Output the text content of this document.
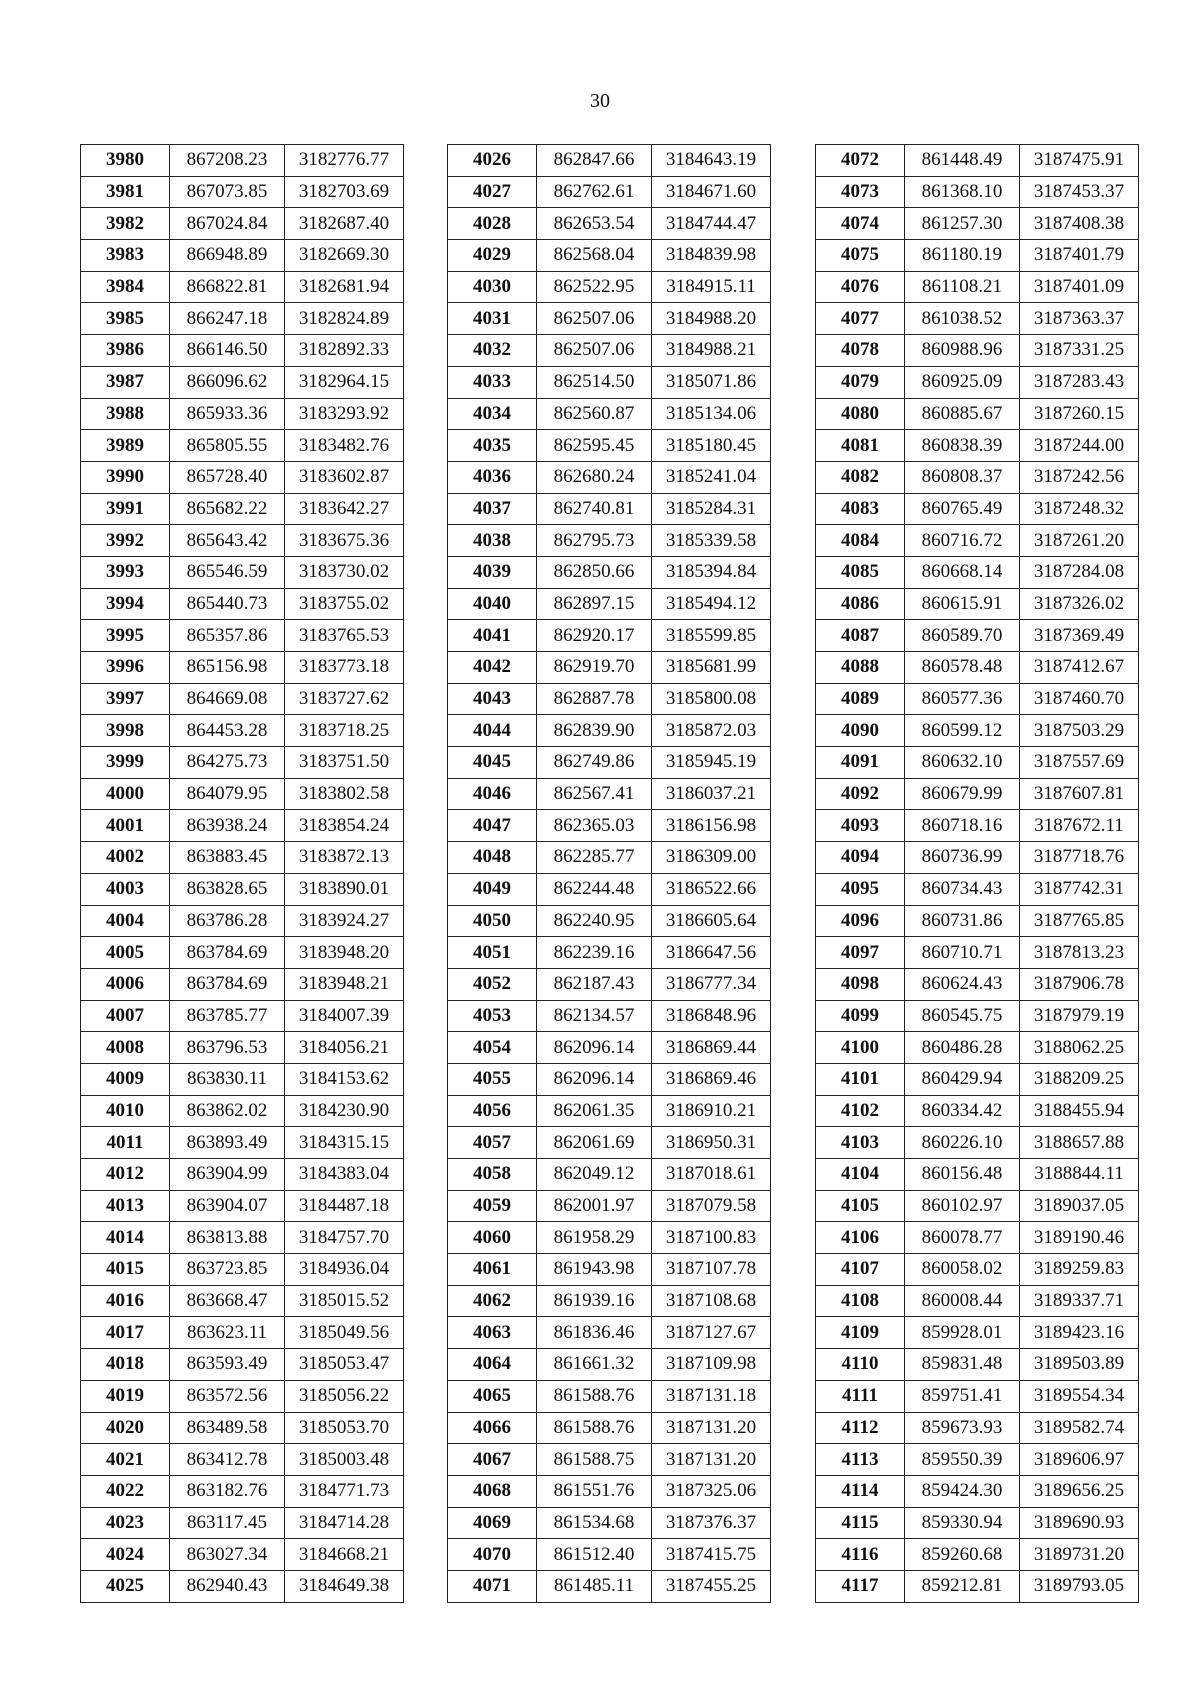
30
3980	867208.23	3182776.77
3981	867073.85	3182703.69
3982	867024.84	3182687.40
3983	866948.89	3182669.30
3984	866822.81	3182681.94
3985	866247.18	3182824.89
3986	866146.50	3182892.33
3987	866096.62	3182964.15
3988	865933.36	3183293.92
3989	865805.55	3183482.76
3990	865728.40	3183602.87
3991	865682.22	3183642.27
3992	865643.42	3183675.36
3993	865546.59	3183730.02
3994	865440.73	3183755.02
3995	865357.86	3183765.53
3996	865156.98	3183773.18
3997	864669.08	3183727.62
3998	864453.28	3183718.25
3999	864275.73	3183751.50
4000	864079.95	3183802.58
4001	863938.24	3183854.24
4002	863883.45	3183872.13
4003	863828.65	3183890.01
4004	863786.28	3183924.27
4005	863784.69	3183948.20
4006	863784.69	3183948.21
4007	863785.77	3184007.39
4008	863796.53	3184056.21
4009	863830.11	3184153.62
4010	863862.02	3184230.90
4011	863893.49	3184315.15
4012	863904.99	3184383.04
4013	863904.07	3184487.18
4014	863813.88	3184757.70
4015	863723.85	3184936.04
4016	863668.47	3185015.52
4017	863623.11	3185049.56
4018	863593.49	3185053.47
4019	863572.56	3185056.22
4020	863489.58	3185053.70
4021	863412.78	3185003.48
4022	863182.76	3184771.73
4023	863117.45	3184714.28
4024	863027.34	3184668.21
4025	862940.43	3184649.38
4026	862847.66	3184643.19
4027	862762.61	3184671.60
4028	862653.54	3184744.47
4029	862568.04	3184839.98
4030	862522.95	3184915.11
4031	862507.06	3184988.20
4032	862507.06	3184988.21
4033	862514.50	3185071.86
4034	862560.87	3185134.06
4035	862595.45	3185180.45
4036	862680.24	3185241.04
4037	862740.81	3185284.31
4038	862795.73	3185339.58
4039	862850.66	3185394.84
4040	862897.15	3185494.12
4041	862920.17	3185599.85
4042	862919.70	3185681.99
4043	862887.78	3185800.08
4044	862839.90	3185872.03
4045	862749.86	3185945.19
4046	862567.41	3186037.21
4047	862365.03	3186156.98
4048	862285.77	3186309.00
4049	862244.48	3186522.66
4050	862240.95	3186605.64
4051	862239.16	3186647.56
4052	862187.43	3186777.34
4053	862134.57	3186848.96
4054	862096.14	3186869.44
4055	862096.14	3186869.46
4056	862061.35	3186910.21
4057	862061.69	3186950.31
4058	862049.12	3187018.61
4059	862001.97	3187079.58
4060	861958.29	3187100.83
4061	861943.98	3187107.78
4062	861939.16	3187108.68
4063	861836.46	3187127.67
4064	861661.32	3187109.98
4065	861588.76	3187131.18
4066	861588.76	3187131.20
4067	861588.75	3187131.20
4068	861551.76	3187325.06
4069	861534.68	3187376.37
4070	861512.40	3187415.75
4071	861485.11	3187455.25
4072	861448.49	3187475.91
4073	861368.10	3187453.37
4074	861257.30	3187408.38
4075	861180.19	3187401.79
4076	861108.21	3187401.09
4077	861038.52	3187363.37
4078	860988.96	3187331.25
4079	860925.09	3187283.43
4080	860885.67	3187260.15
4081	860838.39	3187244.00
4082	860808.37	3187242.56
4083	860765.49	3187248.32
4084	860716.72	3187261.20
4085	860668.14	3187284.08
4086	860615.91	3187326.02
4087	860589.70	3187369.49
4088	860578.48	3187412.67
4089	860577.36	3187460.70
4090	860599.12	3187503.29
4091	860632.10	3187557.69
4092	860679.99	3187607.81
4093	860718.16	3187672.11
4094	860736.99	3187718.76
4095	860734.43	3187742.31
4096	860731.86	3187765.85
4097	860710.71	3187813.23
4098	860624.43	3187906.78
4099	860545.75	3187979.19
4100	860486.28	3188062.25
4101	860429.94	3188209.25
4102	860334.42	3188455.94
4103	860226.10	3188657.88
4104	860156.48	3188844.11
4105	860102.97	3189037.05
4106	860078.77	3189190.46
4107	860058.02	3189259.83
4108	860008.44	3189337.71
4109	859928.01	3189423.16
4110	859831.48	3189503.89
4111	859751.41	3189554.34
4112	859673.93	3189582.74
4113	859550.39	3189606.97
4114	859424.30	3189656.25
4115	859330.94	3189690.93
4116	859260.68	3189731.20
4117	859212.81	3189793.05
